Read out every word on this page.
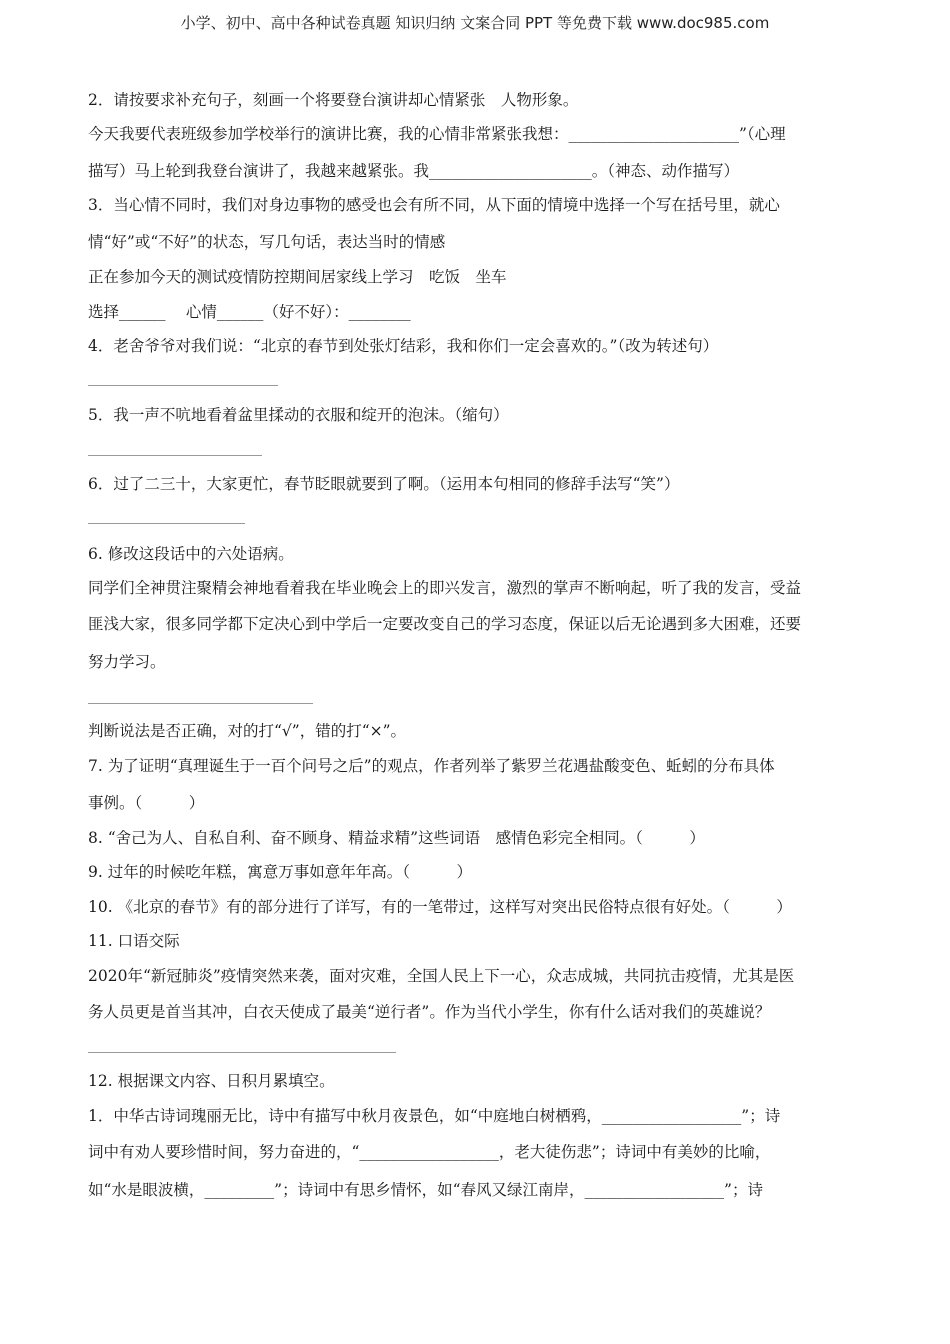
小学、初中、高中各种试卷真题 知识归纳 文案合同 PPT 等免费下载 www.doc985.com
2．请按要求补充句子，刻画一个将要登台演讲却心情紧张　人物形象。
今天我要代表班级参加学校举行的演讲比赛，我的心情非常紧张我想：______________________”（心理
描写）马上轮到我登台演讲了，我越来越紧张。我_____________________。（神态、动作描写）
3．当心情不同时，我们对身边事物的感受也会有所不同，从下面的情境中选择一个写在括号里，就心
情“好”或“不好”的状态，写几句话，表达当时的情感
正在参加今天的测试疫情防控期间居家线上学习　吃饭　坐车
选择______　 心情______（好不好）：________
4．老舍爷爷对我们说：“北京的春节到处张灯结彩，我和你们一定会喜欢的。”（改为转述句）
5．我一声不吭地看着盆里揉动的衣服和绽开的泡沫。（缩句）
6．过了二三十，大家更忙，春节眨眼就要到了啊。（运用本句相同的修辞手法写“笑”）
6. 修改这段话中的六处语病。
同学们全神贯注聚精会神地看着我在毕业晚会上的即兴发言，激烈的掌声不断响起，听了我的发言，受益
匪浅大家，很多同学都下定决心到中学后一定要改变自己的学习态度，保证以后无论遇到多大困难，还要
努力学习。
判断说法是否正确，对的打“√”，错的打“×”。
7. 为了证明“真理诞生于一百个问号之后”的观点，作者列举了紫罗兰花遇盐酸变色、蚯蚓的分布具体
事例。（　　　）
8. “舍己为人、自私自利、奋不顾身、精益求精”这些词语　感情色彩完全相同。（　　　）
9. 过年的时候吃年糕，寓意万事如意年年高。（　　　）
10. 《北京的春节》有的部分进行了详写，有的一笔带过，这样写对突出民俗特点很有好处。（　　　）
11. 口语交际
2020年“新冠肺炎”疫情突然来袭，面对灾难，全国人民上下一心，众志成城，共同抗击疫情，尤其是医
务人员更是首当其冲，白衣天使成了最美“逆行者”。作为当代小学生，你有什么话对我们的英雄说？
12. 根据课文内容、日积月累填空。
1．中华古诗词瑰丽无比，诗中有描写中秋月夜景色，如“中庭地白树栖鸦，__________________”；诗
词中有劝人要珍惜时间，努力奋进的，“__________________，老大徒伤悲”；诗词中有美妙的比喻，
如“水是眼波横，_________”；诗词中有思乡情怀，如“春风又绿江南岸，__________________”；诗
